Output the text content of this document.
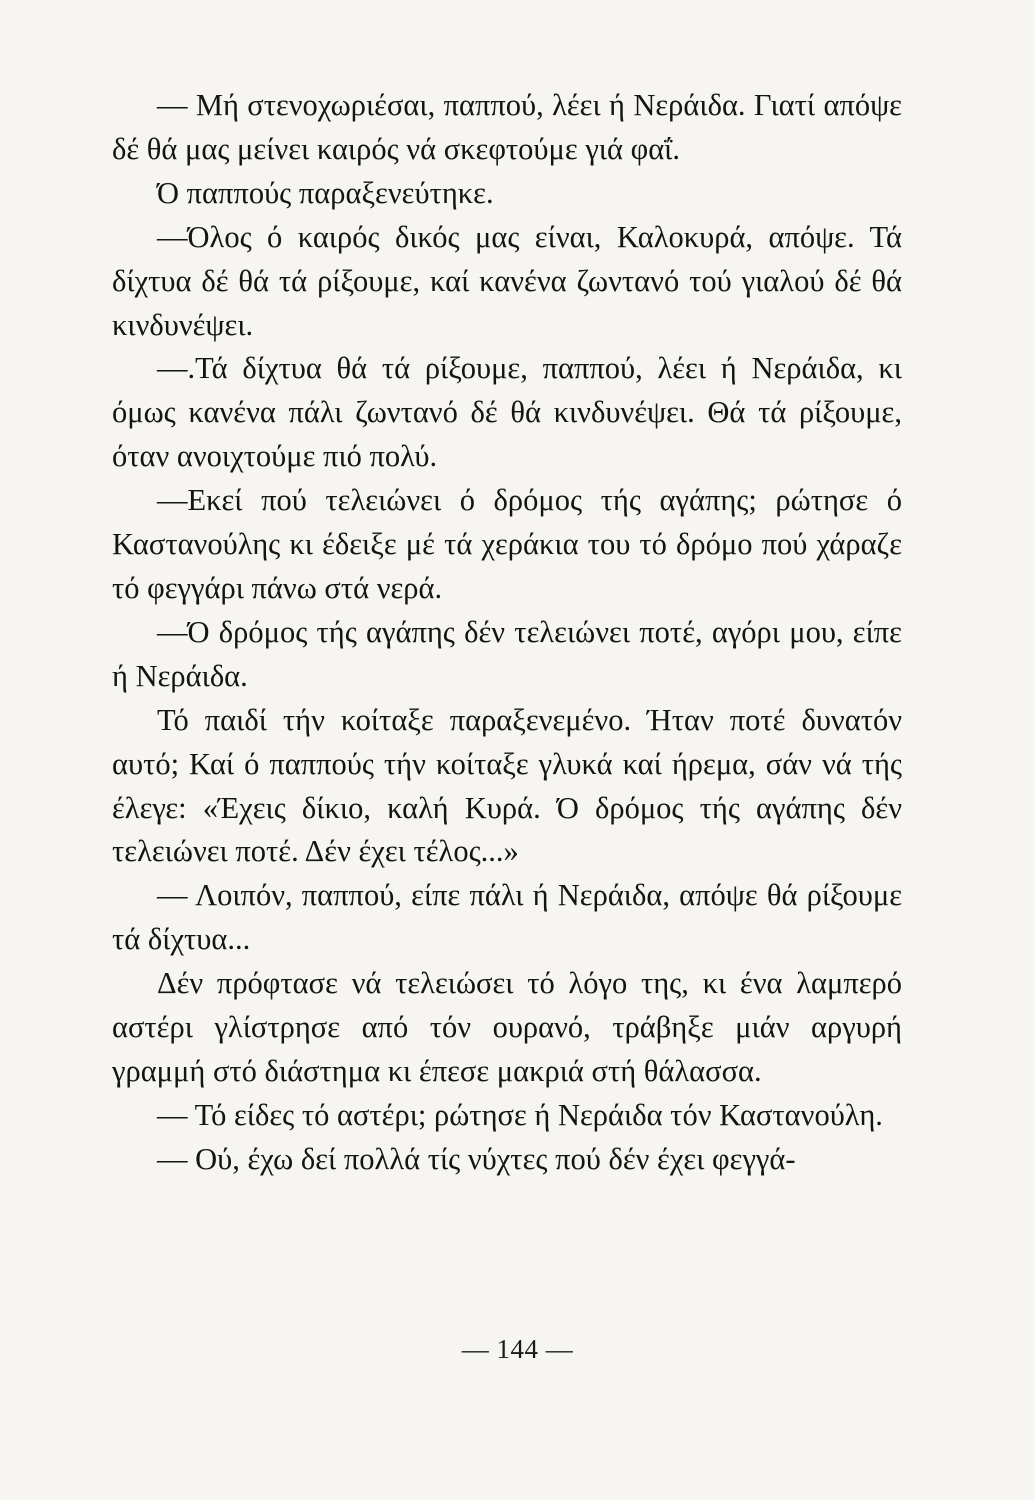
— Μή στενοχωριέσαι, παππού, λέει ή Νεράιδα. Γιατί απόψε δέ θά μας μείνει καιρός νά σκεφτούμε γιά φαΐ.

Ό παππούς παραξενεύτηκε.

—Όλος ό καιρός δικός μας είναι, Καλοκυρά, απόψε. Τά δίχτυα δέ θά τά ρίξουμε, καί κανένα ζωντανό τού γιαλού δέ θά κινδυνέψει.

—.Τά δίχτυα θά τά ρίξουμε, παππού, λέει ή Νεράιδα, κι όμως κανένα πάλι ζωντανό δέ θά κινδυνέψει. Θά τά ρίξουμε, όταν ανοιχτούμε πιό πολύ.

—Εκεί πού τελειώνει ό δρόμος τής αγάπης; ρώτησε ό Καστανούλης κι έδειξε μέ τά χεράκια του τό δρόμο πού χάραζε τό φεγγάρι πάνω στά νερά.

—Ό δρόμος τής αγάπης δέν τελειώνει ποτέ, αγόρι μου, είπε ή Νεράιδα.

Τό παιδί τήν κοίταξε παραξενεμένο. Ήταν ποτέ δυνατόν αυτό; Καί ό παππούς τήν κοίταξε γλυκά καί ήρεμα, σάν νά τής έλεγε: «Έχεις δίκιο, καλή Κυρά. Ό δρόμος τής αγάπης δέν τελειώνει ποτέ. Δέν έχει τέλος...»

— Λοιπόν, παππού, είπε πάλι ή Νεράιδα, απόψε θά ρίξουμε τά δίχτυα...

Δέν πρόφτασε νά τελειώσει τό λόγο της, κι ένα λαμπερό αστέρι γλίστρησε από τόν ουρανό, τράβηξε μιάν αργυρή γραμμή στό διάστημα κι έπεσε μακριά στή θάλασσα.

— Τό είδες τό αστέρι; ρώτησε ή Νεράιδα τόν Καστανούλη.

— Ού, έχω δεί πολλά τίς νύχτες πού δέν έχει φεγγά-

— 144 —
